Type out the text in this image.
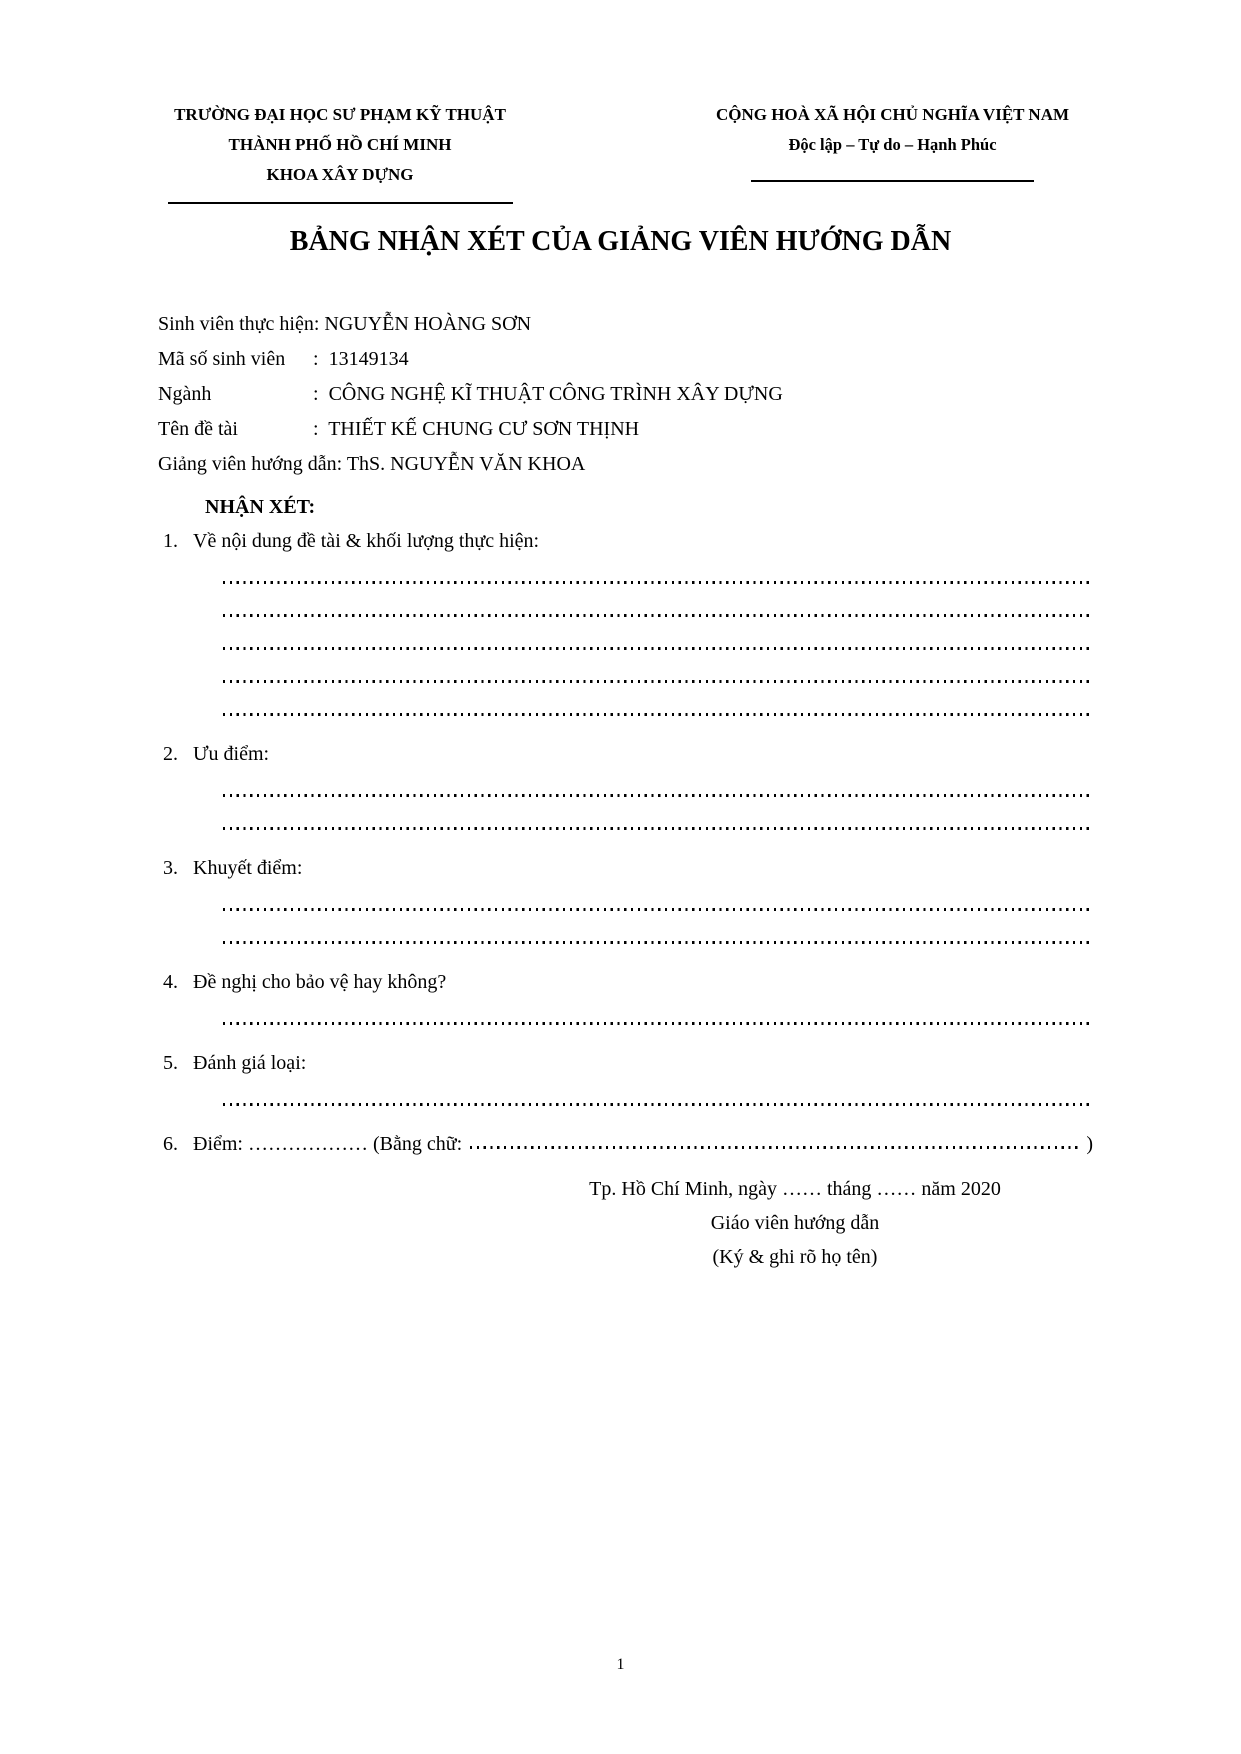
TRƯỜNG ĐẠI HỌC SƯ PHẠM KỸ THUẬT
THÀNH PHỐ HỒ CHÍ MINH
KHOA XÂY DỰNG
CỘNG HOÀ XÃ HỘI CHỦ NGHĨA VIỆT NAM
Độc lập – Tự do – Hạnh Phúc
BẢNG NHẬN XÉT CỦA GIẢNG VIÊN HƯỚNG DẪN
Sinh viên thực hiện: NGUYỄN HOÀNG SƠN
Mã số sinh viên :  13149134
Ngành	:  CÔNG NGHỆ KĨ THUẬT CÔNG TRÌNH XÂY DỰNG
Tên đề tài	:  THIẾT KẾ CHUNG CƯ SƠN THỊNH
Giảng viên hướng dẫn: ThS. NGUYỄN VĂN KHOA
NHẬN XÉT:
1. Về nội dung đề tài & khối lượng thực hiện:
2. Ưu điểm:
3. Khuyết điểm:
4. Đề nghị cho bảo vệ hay không?
5. Đánh giá loại:
6. Điểm: ……………… (Bằng chữ:	)
Tp. Hồ Chí Minh, ngày …… tháng …… năm 2020
Giáo viên hướng dẫn
(Ký & ghi rõ họ tên)
1
